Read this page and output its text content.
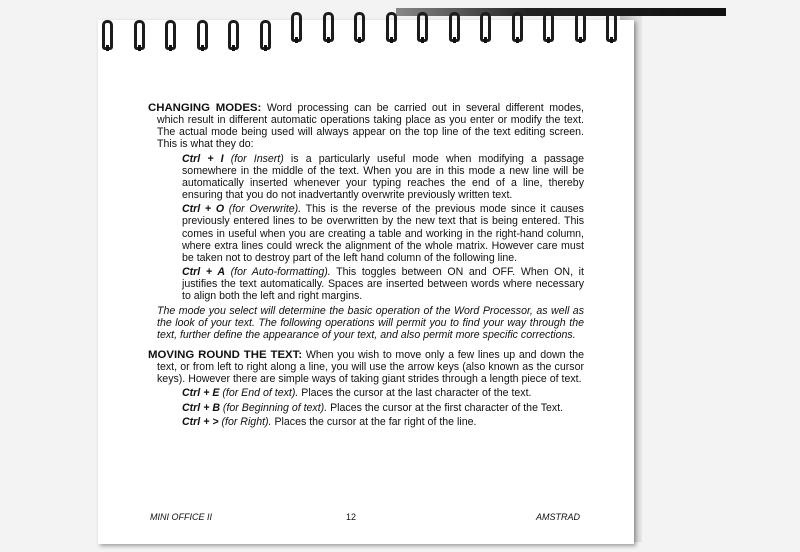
CHANGING MODES: Word processing can be carried out in several different modes, which result in different automatic operations taking place as you enter or modify the text. The actual mode being used will always appear on the top line of the text editing screen. This is what they do:

Ctrl + I (for Insert) is a particularly useful mode when modifying a passage somewhere in the middle of the text. When you are in this mode a new line will be automatically inserted whenever your typing reaches the end of a line, thereby ensuring that you do not inadvertantly overwrite previously written text.

Ctrl + O (for Overwrite). This is the reverse of the previous mode since it causes previously entered lines to be overwritten by the new text that is being entered. This comes in useful when you are creating a table and working in the right-hand column, where extra lines could wreck the alignment of the whole matrix. However care must be taken not to destroy part of the left hand column of the following line.

Ctrl + A (for Auto-formatting). This toggles between ON and OFF. When ON, it justifies the text automatically. Spaces are inserted between words where necessary to align both the left and right margins.

The mode you select will determine the basic operation of the Word Processor, as well as the look of your text. The following operations will permit you to find your way through the text, further define the appearance of your text, and also permit more specific corrections.

MOVING ROUND THE TEXT: When you wish to move only a few lines up and down the text, or from left to right along a line, you will use the arrow keys (also known as the cursor keys). However there are simple ways of taking giant strides through a length piece of text.

Ctrl + E (for End of text). Places the cursor at the last character of the text.

Ctrl + B (for Beginning of text). Places the cursor at the first character of the Text.

Ctrl + > (for Right). Places the cursor at the far right of the line.

MINI OFFICE II	12	AMSTRAD
